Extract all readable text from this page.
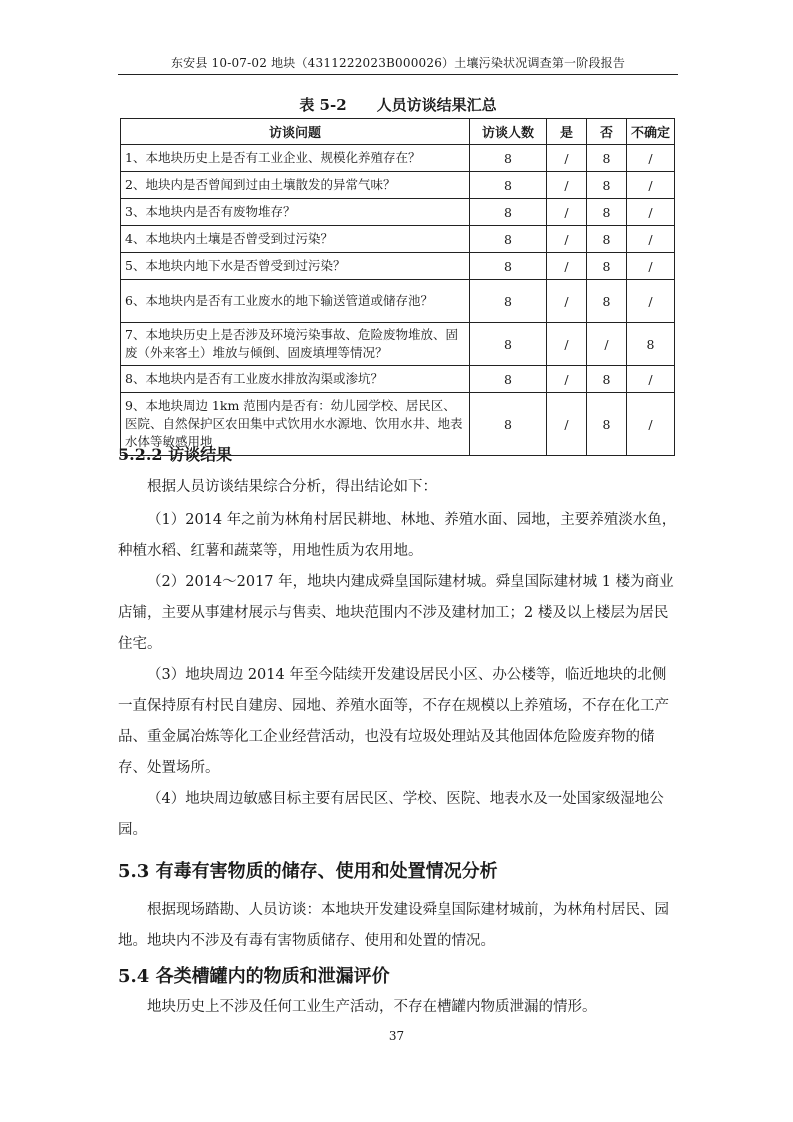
东安县 10-07-02 地块（4311222023B000026）土壤污染状况调查第一阶段报告
表 5-2　　人员访谈结果汇总
访谈问题	访谈人数	是	否	不确定
1、本地块历史上是否有工业企业、规模化养殖存在？	8	/	8	/
2、地块内是否曾闻到过由土壤散发的异常气味？	8	/	8	/
3、本地块内是否有废物堆存？	8	/	8	/
4、本地块内土壤是否曾受到过污染？	8	/	8	/
5、本地块内地下水是否曾受到过污染？	8	/	8	/
6、本地块内是否有工业废水的地下输送管道或储存池？	8	/	8	/
7、本地块历史上是否涉及环境污染事故、危险废物堆放、固废（外来客土）堆放与倾倒、固废填埋等情况？	8	/	/	8
8、本地块内是否有工业废水排放沟渠或渗坑？	8	/	8	/
9、本地块周边 1km 范围内是否有：幼儿园学校、居民区、医院、自然保护区农田集中式饮用水水源地、饮用水井、地表水体等敏感用地	8	/	8	/
5.2.2 访谈结果
根据人员访谈结果综合分析，得出结论如下：
（1）2014 年之前为林角村居民耕地、林地、养殖水面、园地，主要养殖淡水鱼，种植水稻、红薯和蔬菜等，用地性质为农用地。
（2）2014～2017 年，地块内建成舜皇国际建材城。舜皇国际建材城 1 楼为商业店铺，主要从事建材展示与售卖、地块范围内不涉及建材加工；2 楼及以上楼层为居民住宅。
（3）地块周边 2014 年至今陆续开发建设居民小区、办公楼等，临近地块的北侧一直保持原有村民自建房、园地、养殖水面等，不存在规模以上养殖场，不存在化工产品、重金属冶炼等化工企业经营活动，也没有垃圾处理站及其他固体危险废弃物的储存、处置场所。
（4）地块周边敏感目标主要有居民区、学校、医院、地表水及一处国家级湿地公园。
5.3 有毒有害物质的储存、使用和处置情况分析
根据现场踏勘、人员访谈：本地块开发建设舜皇国际建材城前，为林角村居民、园地。地块内不涉及有毒有害物质储存、使用和处置的情况。
5.4 各类槽罐内的物质和泄漏评价
地块历史上不涉及任何工业生产活动，不存在槽罐内物质泄漏的情形。
37
